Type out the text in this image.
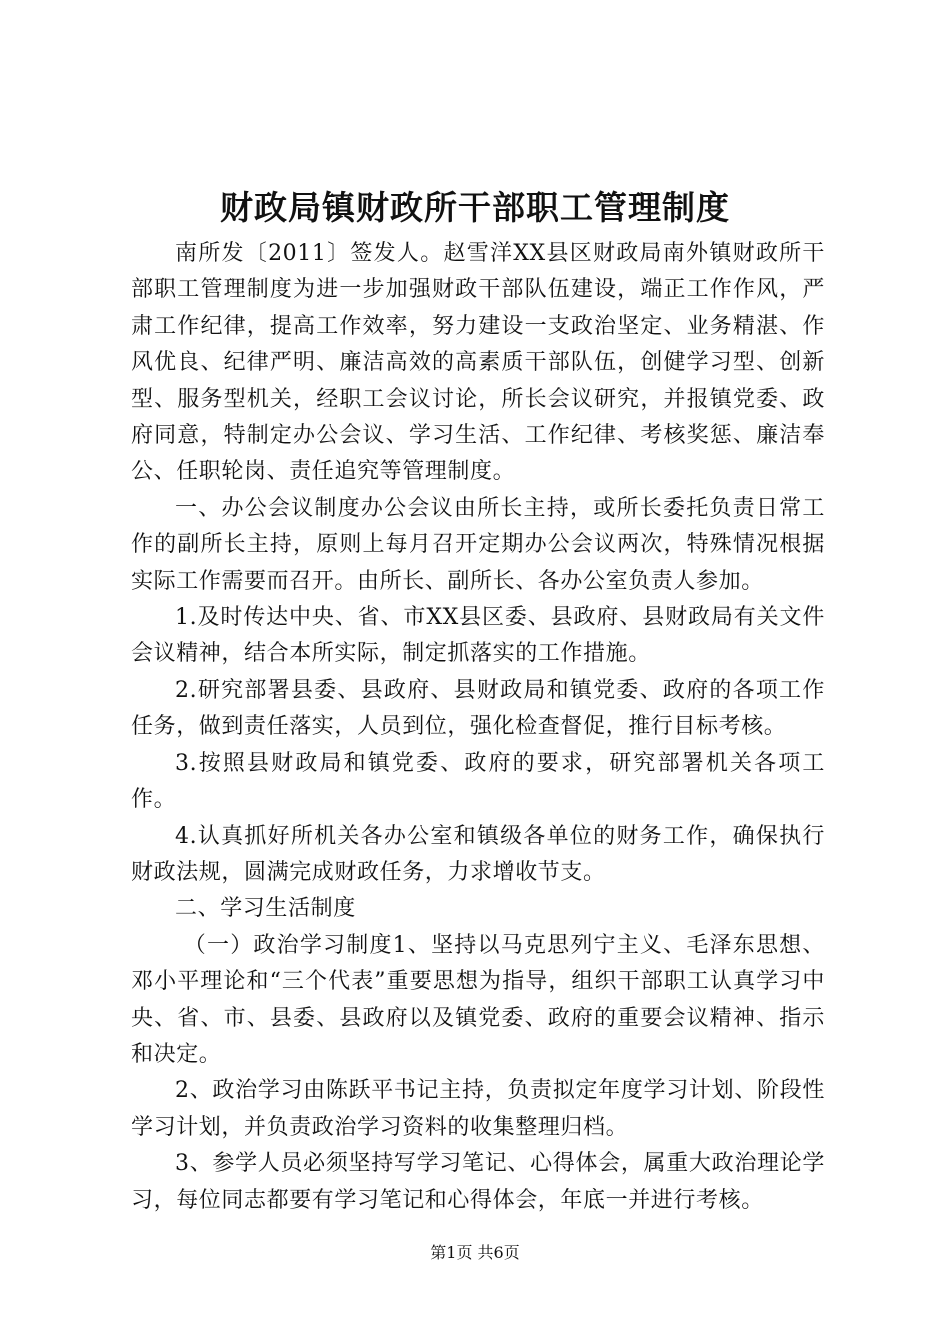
财政局镇财政所干部职工管理制度

南所发〔2011〕签发人。赵雪洋XX县区财政局南外镇财政所干部职工管理制度为进一步加强财政干部队伍建设，端正工作作风，严肃工作纪律，提高工作效率，努力建设一支政治坚定、业务精湛、作风优良、纪律严明、廉洁高效的高素质干部队伍，创健学习型、创新型、服务型机关，经职工会议讨论，所长会议研究，并报镇党委、政府同意，特制定办公会议、学习生活、工作纪律、考核奖惩、廉洁奉公、任职轮岗、责任追究等管理制度。

一、办公会议制度办公会议由所长主持，或所长委托负责日常工作的副所长主持，原则上每月召开定期办公会议两次，特殊情况根据实际工作需要而召开。由所长、副所长、各办公室负责人参加。

1.及时传达中央、省、市XX县区委、县政府、县财政局有关文件会议精神，结合本所实际，制定抓落实的工作措施。

2.研究部署县委、县政府、县财政局和镇党委、政府的各项工作任务，做到责任落实，人员到位，强化检查督促，推行目标考核。

3.按照县财政局和镇党委、政府的要求，研究部署机关各项工作。

4.认真抓好所机关各办公室和镇级各单位的财务工作，确保执行财政法规，圆满完成财政任务，力求增收节支。

二、学习生活制度

（一）政治学习制度1、坚持以马克思列宁主义、毛泽东思想、邓小平理论和“三个代表”重要思想为指导，组织干部职工认真学习中央、省、市、县委、县政府以及镇党委、政府的重要会议精神、指示和决定。

2、政治学习由陈跃平书记主持，负责拟定年度学习计划、阶段性学习计划，并负责政治学习资料的收集整理归档。

3、参学人员必须坚持写学习笔记、心得体会，属重大政治理论学习，每位同志都要有学习笔记和心得体会，年底一并进行考核。

第1页 共6页
